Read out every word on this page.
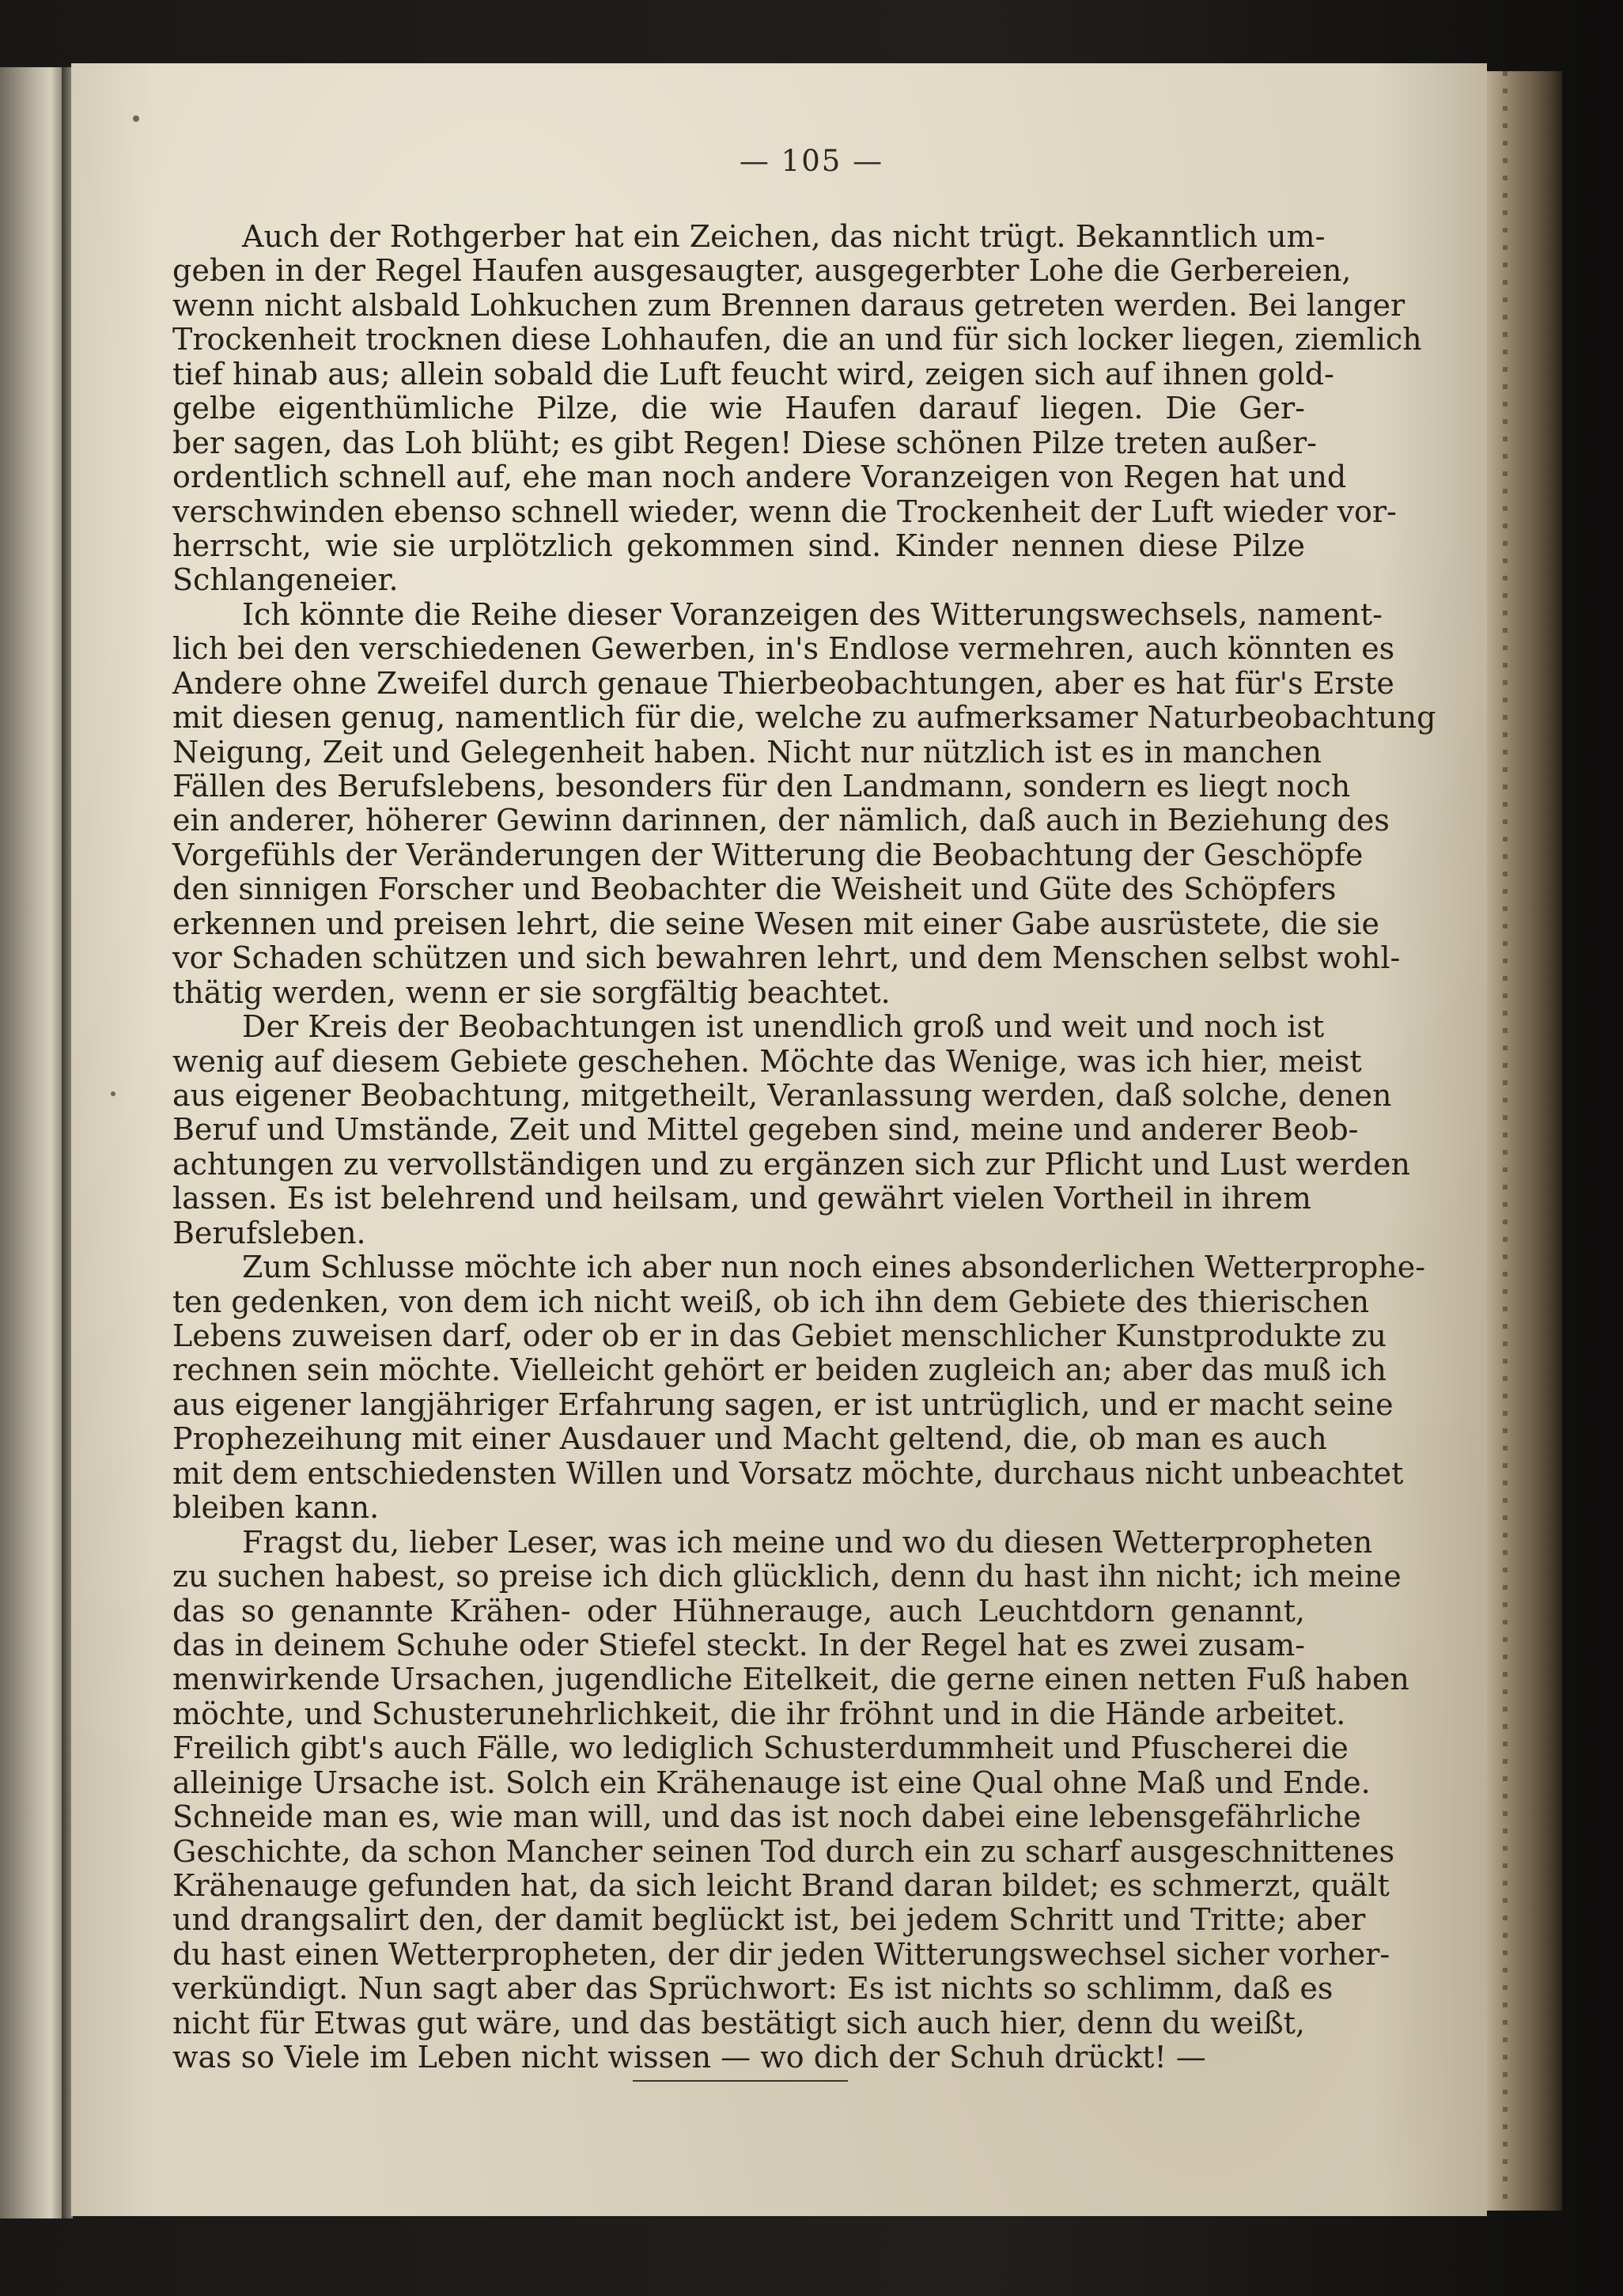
— 105 —
Auch der Rothgerber hat ein Zeichen, das nicht trügt. Bekanntlich um-
geben in der Regel Haufen ausgesaugter, ausgegerbter Lohe die Gerbereien,
wenn nicht alsbald Lohkuchen zum Brennen daraus getreten werden. Bei langer
Trockenheit trocknen diese Lohhaufen, die an und für sich locker liegen, ziemlich
tief hinab aus; allein sobald die Luft feucht wird, zeigen sich auf ihnen gold-
gelbe eigenthümliche Pilze, die wie Haufen darauf liegen. Die Ger-
ber sagen, das Loh blüht; es gibt Regen! Diese schönen Pilze treten außer-
ordentlich schnell auf, ehe man noch andere Voranzeigen von Regen hat und
verschwinden ebenso schnell wieder, wenn die Trockenheit der Luft wieder vor-
herrscht, wie sie urplötzlich gekommen sind. Kinder nennen diese Pilze
Schlangeneier.
Ich könnte die Reihe dieser Voranzeigen des Witterungswechsels, nament-
lich bei den verschiedenen Gewerben, in's Endlose vermehren, auch könnten es
Andere ohne Zweifel durch genaue Thierbeobachtungen, aber es hat für's Erste
mit diesen genug, namentlich für die, welche zu aufmerksamer Naturbeobachtung
Neigung, Zeit und Gelegenheit haben. Nicht nur nützlich ist es in manchen
Fällen des Berufslebens, besonders für den Landmann, sondern es liegt noch
ein anderer, höherer Gewinn darinnen, der nämlich, daß auch in Beziehung des
Vorgefühls der Veränderungen der Witterung die Beobachtung der Geschöpfe
den sinnigen Forscher und Beobachter die Weisheit und Güte des Schöpfers
erkennen und preisen lehrt, die seine Wesen mit einer Gabe ausrüstete, die sie
vor Schaden schützen und sich bewahren lehrt, und dem Menschen selbst wohl-
thätig werden, wenn er sie sorgfältig beachtet.
Der Kreis der Beobachtungen ist unendlich groß und weit und noch ist
wenig auf diesem Gebiete geschehen. Möchte das Wenige, was ich hier, meist
aus eigener Beobachtung, mitgetheilt, Veranlassung werden, daß solche, denen
Beruf und Umstände, Zeit und Mittel gegeben sind, meine und anderer Beob-
achtungen zu vervollständigen und zu ergänzen sich zur Pflicht und Lust werden
lassen. Es ist belehrend und heilsam, und gewährt vielen Vortheil in ihrem
Berufsleben.
Zum Schlusse möchte ich aber nun noch eines absonderlichen Wetterprophe-
ten gedenken, von dem ich nicht weiß, ob ich ihn dem Gebiete des thierischen
Lebens zuweisen darf, oder ob er in das Gebiet menschlicher Kunstprodukte zu
rechnen sein möchte. Vielleicht gehört er beiden zugleich an; aber das muß ich
aus eigener langjähriger Erfahrung sagen, er ist untrüglich, und er macht seine
Prophezeihung mit einer Ausdauer und Macht geltend, die, ob man es auch
mit dem entschiedensten Willen und Vorsatz möchte, durchaus nicht unbeachtet
bleiben kann.
Fragst du, lieber Leser, was ich meine und wo du diesen Wetterpropheten
zu suchen habest, so preise ich dich glücklich, denn du hast ihn nicht; ich meine
das so genannte Krähen- oder Hühnerauge, auch Leuchtdorn genannt,
das in deinem Schuhe oder Stiefel steckt. In der Regel hat es zwei zusam-
menwirkende Ursachen, jugendliche Eitelkeit, die gerne einen netten Fuß haben
möchte, und Schusterunehrlichkeit, die ihr fröhnt und in die Hände arbeitet.
Freilich gibt's auch Fälle, wo lediglich Schusterdummheit und Pfuscherei die
alleinige Ursache ist. Solch ein Krähenauge ist eine Qual ohne Maß und Ende.
Schneide man es, wie man will, und das ist noch dabei eine lebensgefährliche
Geschichte, da schon Mancher seinen Tod durch ein zu scharf ausgeschnittenes
Krähenauge gefunden hat, da sich leicht Brand daran bildet; es schmerzt, quält
und drangsalirt den, der damit beglückt ist, bei jedem Schritt und Tritte; aber
du hast einen Wetterpropheten, der dir jeden Witterungswechsel sicher vorher-
verkündigt. Nun sagt aber das Sprüchwort: Es ist nichts so schlimm, daß es
nicht für Etwas gut wäre, und das bestätigt sich auch hier, denn du weißt,
was so Viele im Leben nicht wissen — wo dich der Schuh drückt! —
